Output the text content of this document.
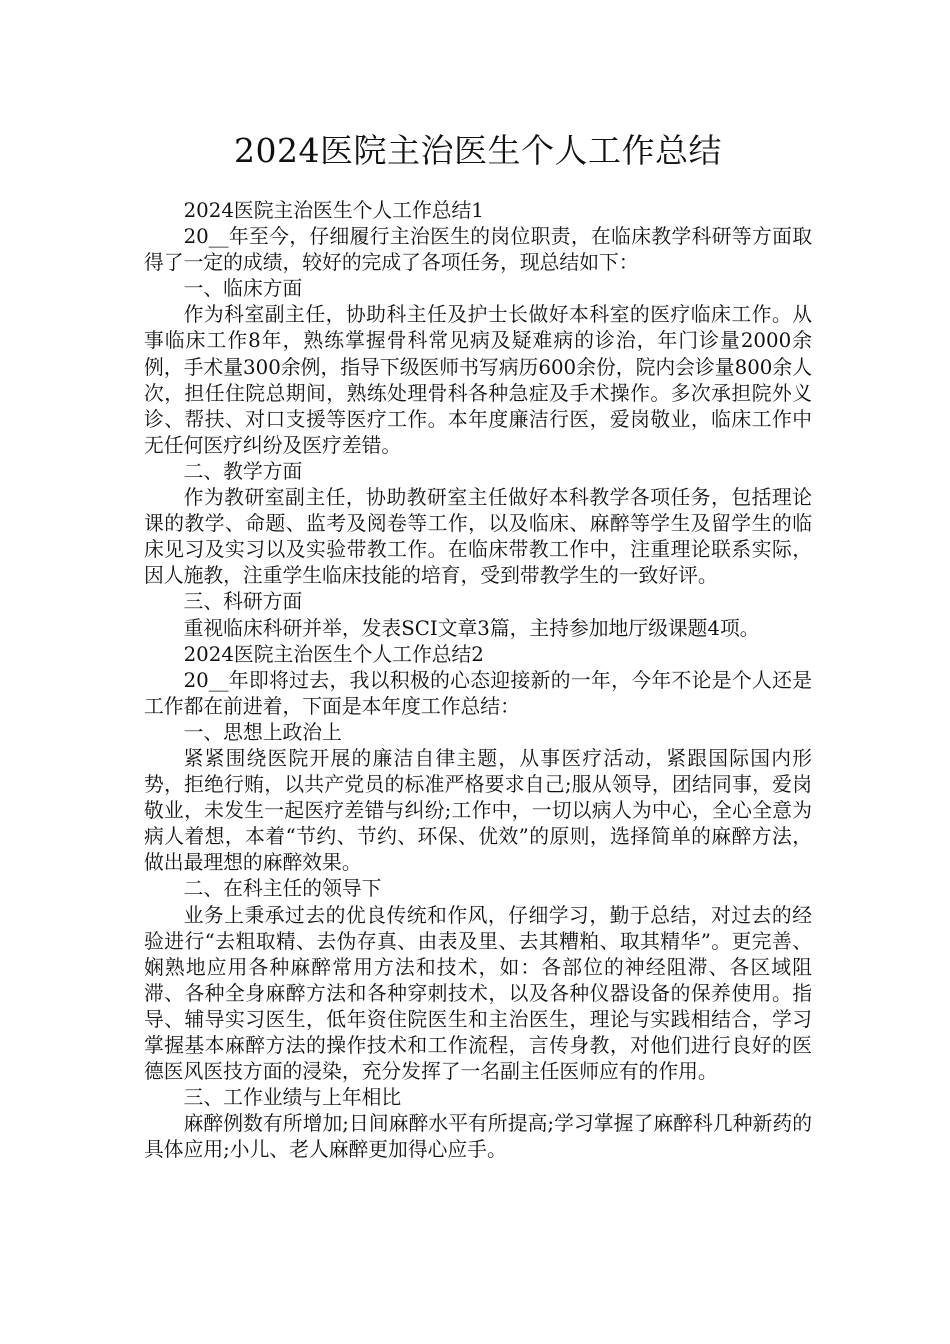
2024医院主治医生个人工作总结

2024医院主治医生个人工作总结1

20__年至今，仔细履行主治医生的岗位职责，在临床教学科研等方面取得了一定的成绩，较好的完成了各项任务，现总结如下：

一、临床方面

作为科室副主任，协助科主任及护士长做好本科室的医疗临床工作。从事临床工作8年，熟练掌握骨科常见病及疑难病的诊治，年门诊量2000余例，手术量300余例，指导下级医师书写病历600余份，院内会诊量800余人次，担任住院总期间，熟练处理骨科各种急症及手术操作。多次承担院外义诊、帮扶、对口支援等医疗工作。本年度廉洁行医，爱岗敬业，临床工作中无任何医疗纠纷及医疗差错。

二、教学方面

作为教研室副主任，协助教研室主任做好本科教学各项任务，包括理论课的教学、命题、监考及阅卷等工作，以及临床、麻醉等学生及留学生的临床见习及实习以及实验带教工作。在临床带教工作中，注重理论联系实际，因人施教，注重学生临床技能的培育，受到带教学生的一致好评。

三、科研方面

重视临床科研并举，发表SCI文章3篇，主持参加地厅级课题4项。

2024医院主治医生个人工作总结2

20__年即将过去，我以积极的心态迎接新的一年，今年不论是个人还是工作都在前进着，下面是本年度工作总结：

一、思想上政治上

紧紧围绕医院开展的廉洁自律主题，从事医疗活动，紧跟国际国内形势，拒绝行贿，以共产党员的标准严格要求自己;服从领导，团结同事，爱岗敬业，未发生一起医疗差错与纠纷;工作中，一切以病人为中心，全心全意为病人着想，本着“节约、节约、环保、优效”的原则，选择简单的麻醉方法，做出最理想的麻醉效果。

二、在科主任的领导下

业务上秉承过去的优良传统和作风，仔细学习，勤于总结，对过去的经验进行“去粗取精、去伪存真、由表及里、去其糟粕、取其精华”。更完善、娴熟地应用各种麻醉常用方法和技术，如：各部位的神经阻滞、各区域阻滞、各种全身麻醉方法和各种穿刺技术，以及各种仪器设备的保养使用。指导、辅导实习医生，低年资住院医生和主治医生，理论与实践相结合，学习掌握基本麻醉方法的操作技术和工作流程，言传身教，对他们进行良好的医德医风医技方面的浸染，充分发挥了一名副主任医师应有的作用。

三、工作业绩与上年相比

麻醉例数有所增加;日间麻醉水平有所提高;学习掌握了麻醉科几种新药的具体应用;小儿、老人麻醉更加得心应手。
